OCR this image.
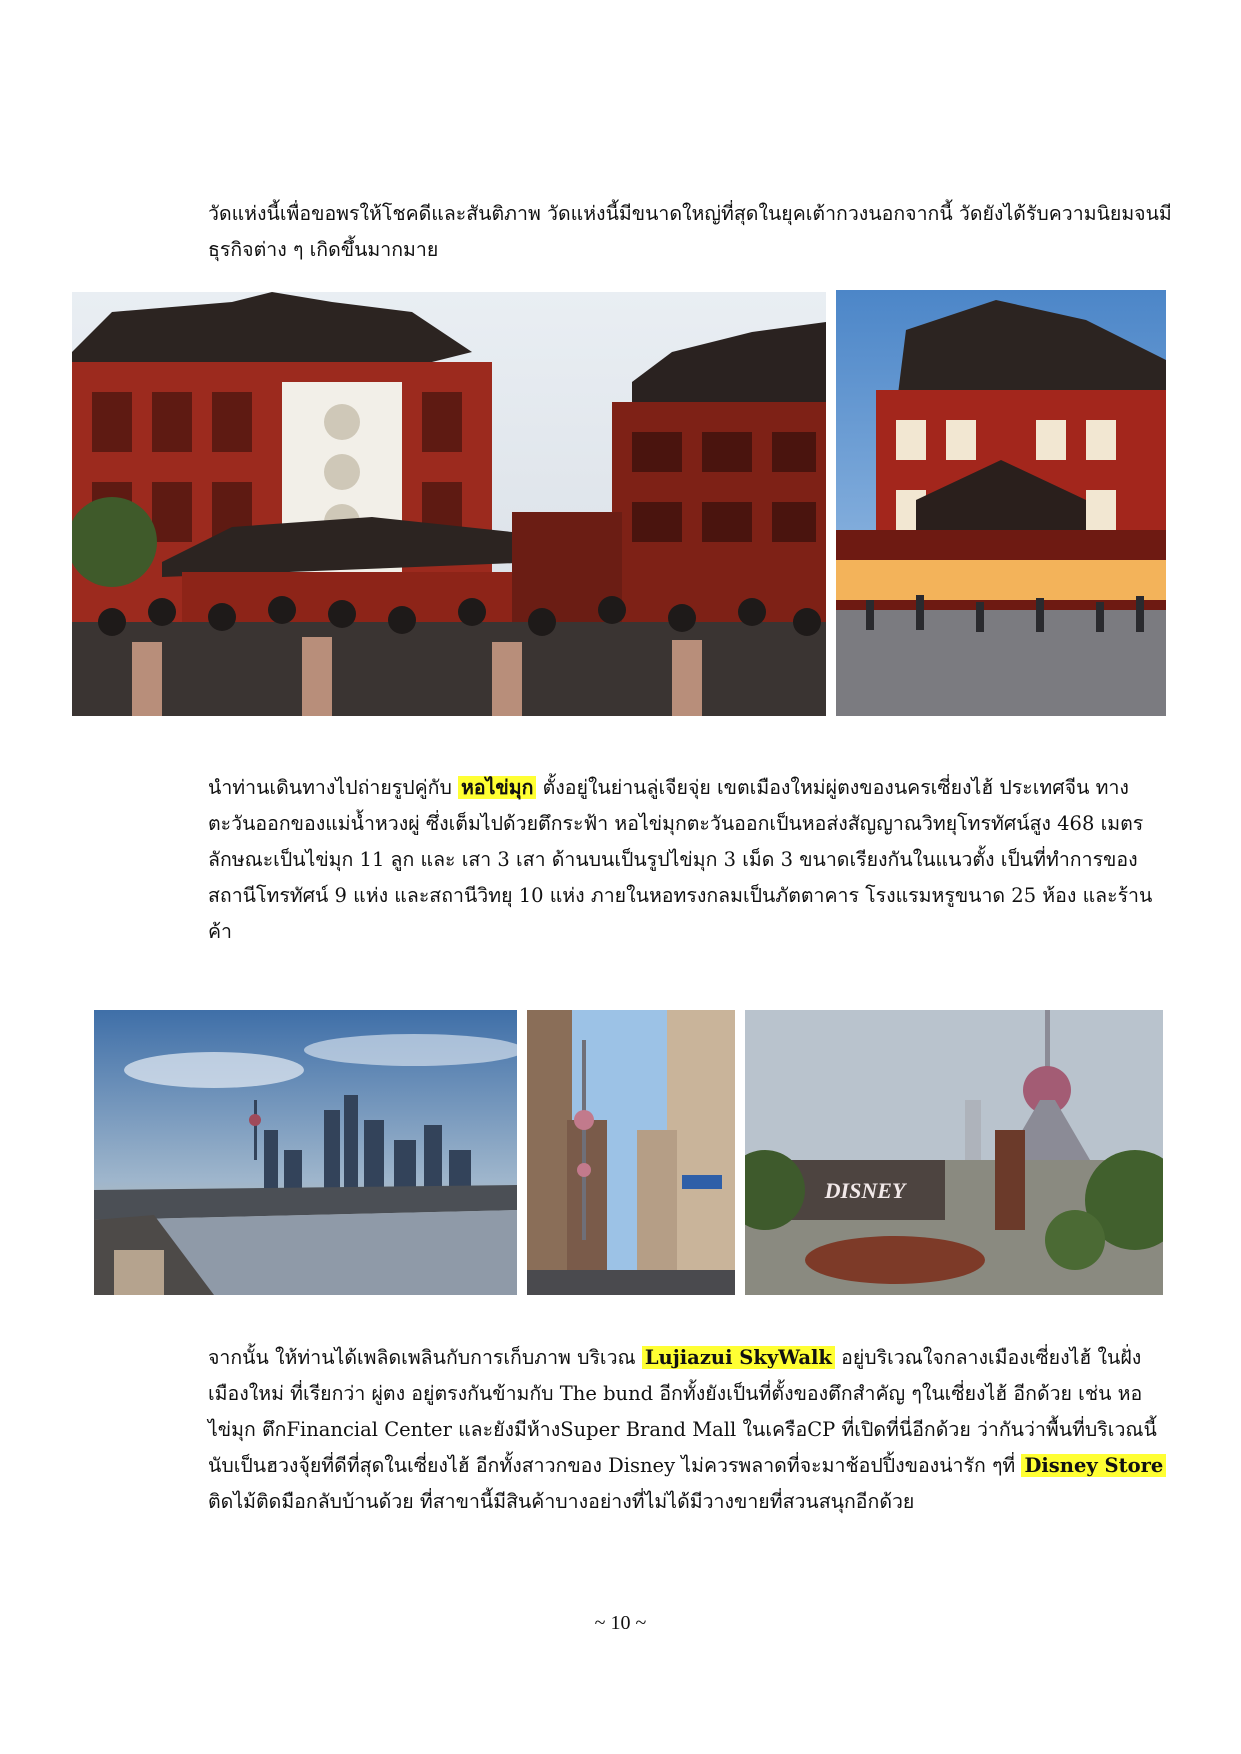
วัดแห่งนี้เพื่อขอพรให้โชคดีและสันติภาพ วัดแห่งนี้มีขนาดใหญ่ที่สุดในยุคเต้ากวงนอกจากนี้ วัดยังได้รับความนิยมจนมีธุรกิจต่าง ๆ เกิดขึ้นมากมาย

นำท่านเดินทางไปถ่ายรูปคู่กับ หอไข่มุก ตั้งอยู่ในย่านลู่เจียจุ่ย เขตเมืองใหม่ผู่ตงของนครเซี่ยงไฮ้ ประเทศจีน ทางตะวันออกของแม่น้ำหวงผู่ ซึ่งเต็มไปด้วยตึกระฟ้า หอไข่มุกตะวันออกเป็นหอส่งสัญญาณวิทยุโทรทัศน์สูง 468 เมตร ลักษณะเป็นไข่มุก 11 ลูก และ เสา 3 เสา ด้านบนเป็นรูปไข่มุก 3 เม็ด 3 ขนาดเรียงกันในแนวตั้ง เป็นที่ทำการของสถานีโทรทัศน์ 9 แห่ง และสถานีวิทยุ 10 แห่ง ภายในหอทรงกลมเป็นภัตตาคาร โรงแรมหรูขนาด 25 ห้อง และร้านค้า

DISNEY

จากนั้น ให้ท่านได้เพลิดเพลินกับการเก็บภาพ บริเวณ Lujiazui SkyWalk อยู่บริเวณใจกลางเมืองเซี่ยงไฮ้ ในฝั่งเมืองใหม่ ที่เรียกว่า ผู่ตง อยู่ตรงกันข้ามกับ The bund อีกทั้งยังเป็นที่ตั้งของตึกสำคัญ ๆในเซี่ยงไฮ้ อีกด้วย เช่น หอไข่มุก ตึกFinancial Center และยังมีห้างSuper Brand Mall ในเครือCP ที่เปิดที่นี่อีกด้วย ว่ากันว่าพื้นที่บริเวณนี้นับเป็นฮวงจุ้ยที่ดีที่สุดในเซี่ยงไฮ้ อีกทั้งสาวกของ Disney ไม่ควรพลาดที่จะมาช้อปปิ้งของน่ารัก ๆที่ Disney Store ติดไม้ติดมือกลับบ้านด้วย ที่สาขานี้มีสินค้าบางอย่างที่ไม่ได้มีวางขายที่สวนสนุกอีกด้วย

~ 10 ~
